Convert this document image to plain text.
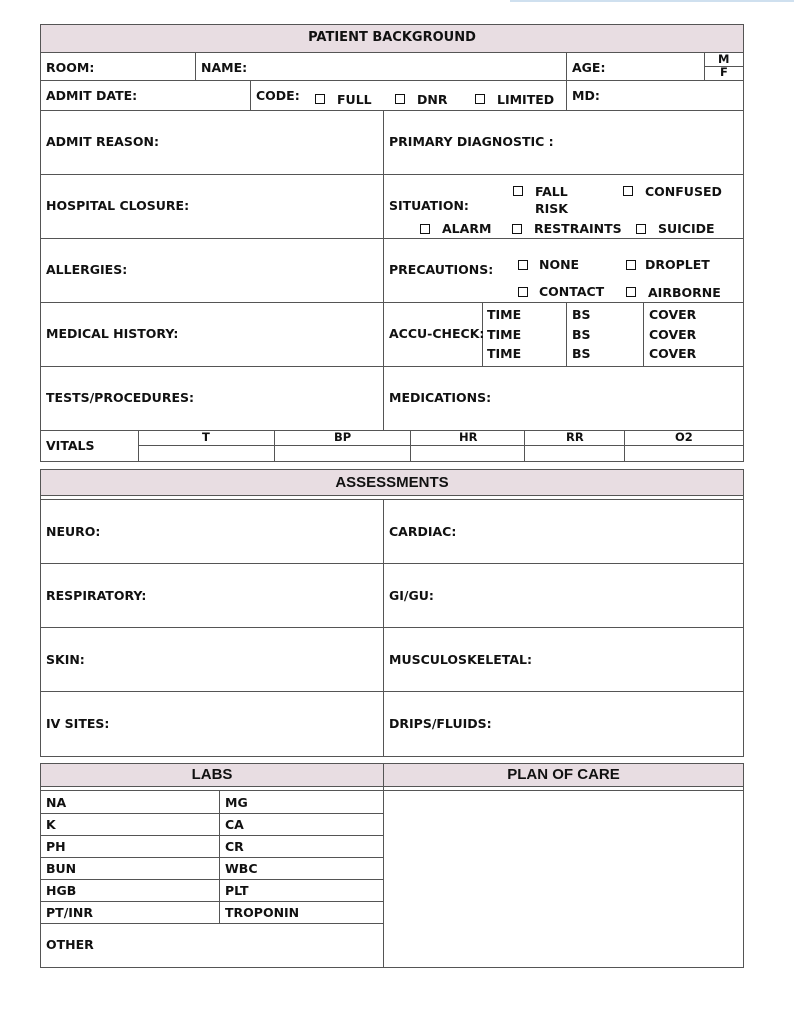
PATIENT BACKGROUND
ROOM:	NAME:	AGE:
M
F
ADMIT DATE:	CODE:	FULL	DNR	LIMITED MD:
ADMIT REASON:	PRIMARY DIAGNOSTIC :
HOSPITAL CLOSURE:	SITUATION:
FALL
RISK
CONFUSED
ALARM	RESTRAINTS	SUICIDE
ALLERGIES:	PRECAUTIONS:	NONE	DROPLET
CONTACT	AIRBORNE
MEDICAL HISTORY:	ACCU-CHECK:
TIME	BS	COVER
TIME	BS	COVER
TIME	BS	COVER
TESTS/PROCEDURES:	MEDICATIONS:
VITALS
T	BP	HR	RR	O2
ASSESSMENTS
NEURO:	CARDIAC:
RESPIRATORY:	GI/GU:
SKIN:	MUSCULOSKELETAL:
IV SITES:	DRIPS/FLUIDS:
LABS	PLAN OF CARE
NA	MG
K	CA
PH	CR
BUN	WBC
HGB	PLT
PT/INR	TROPONIN
OTHER
